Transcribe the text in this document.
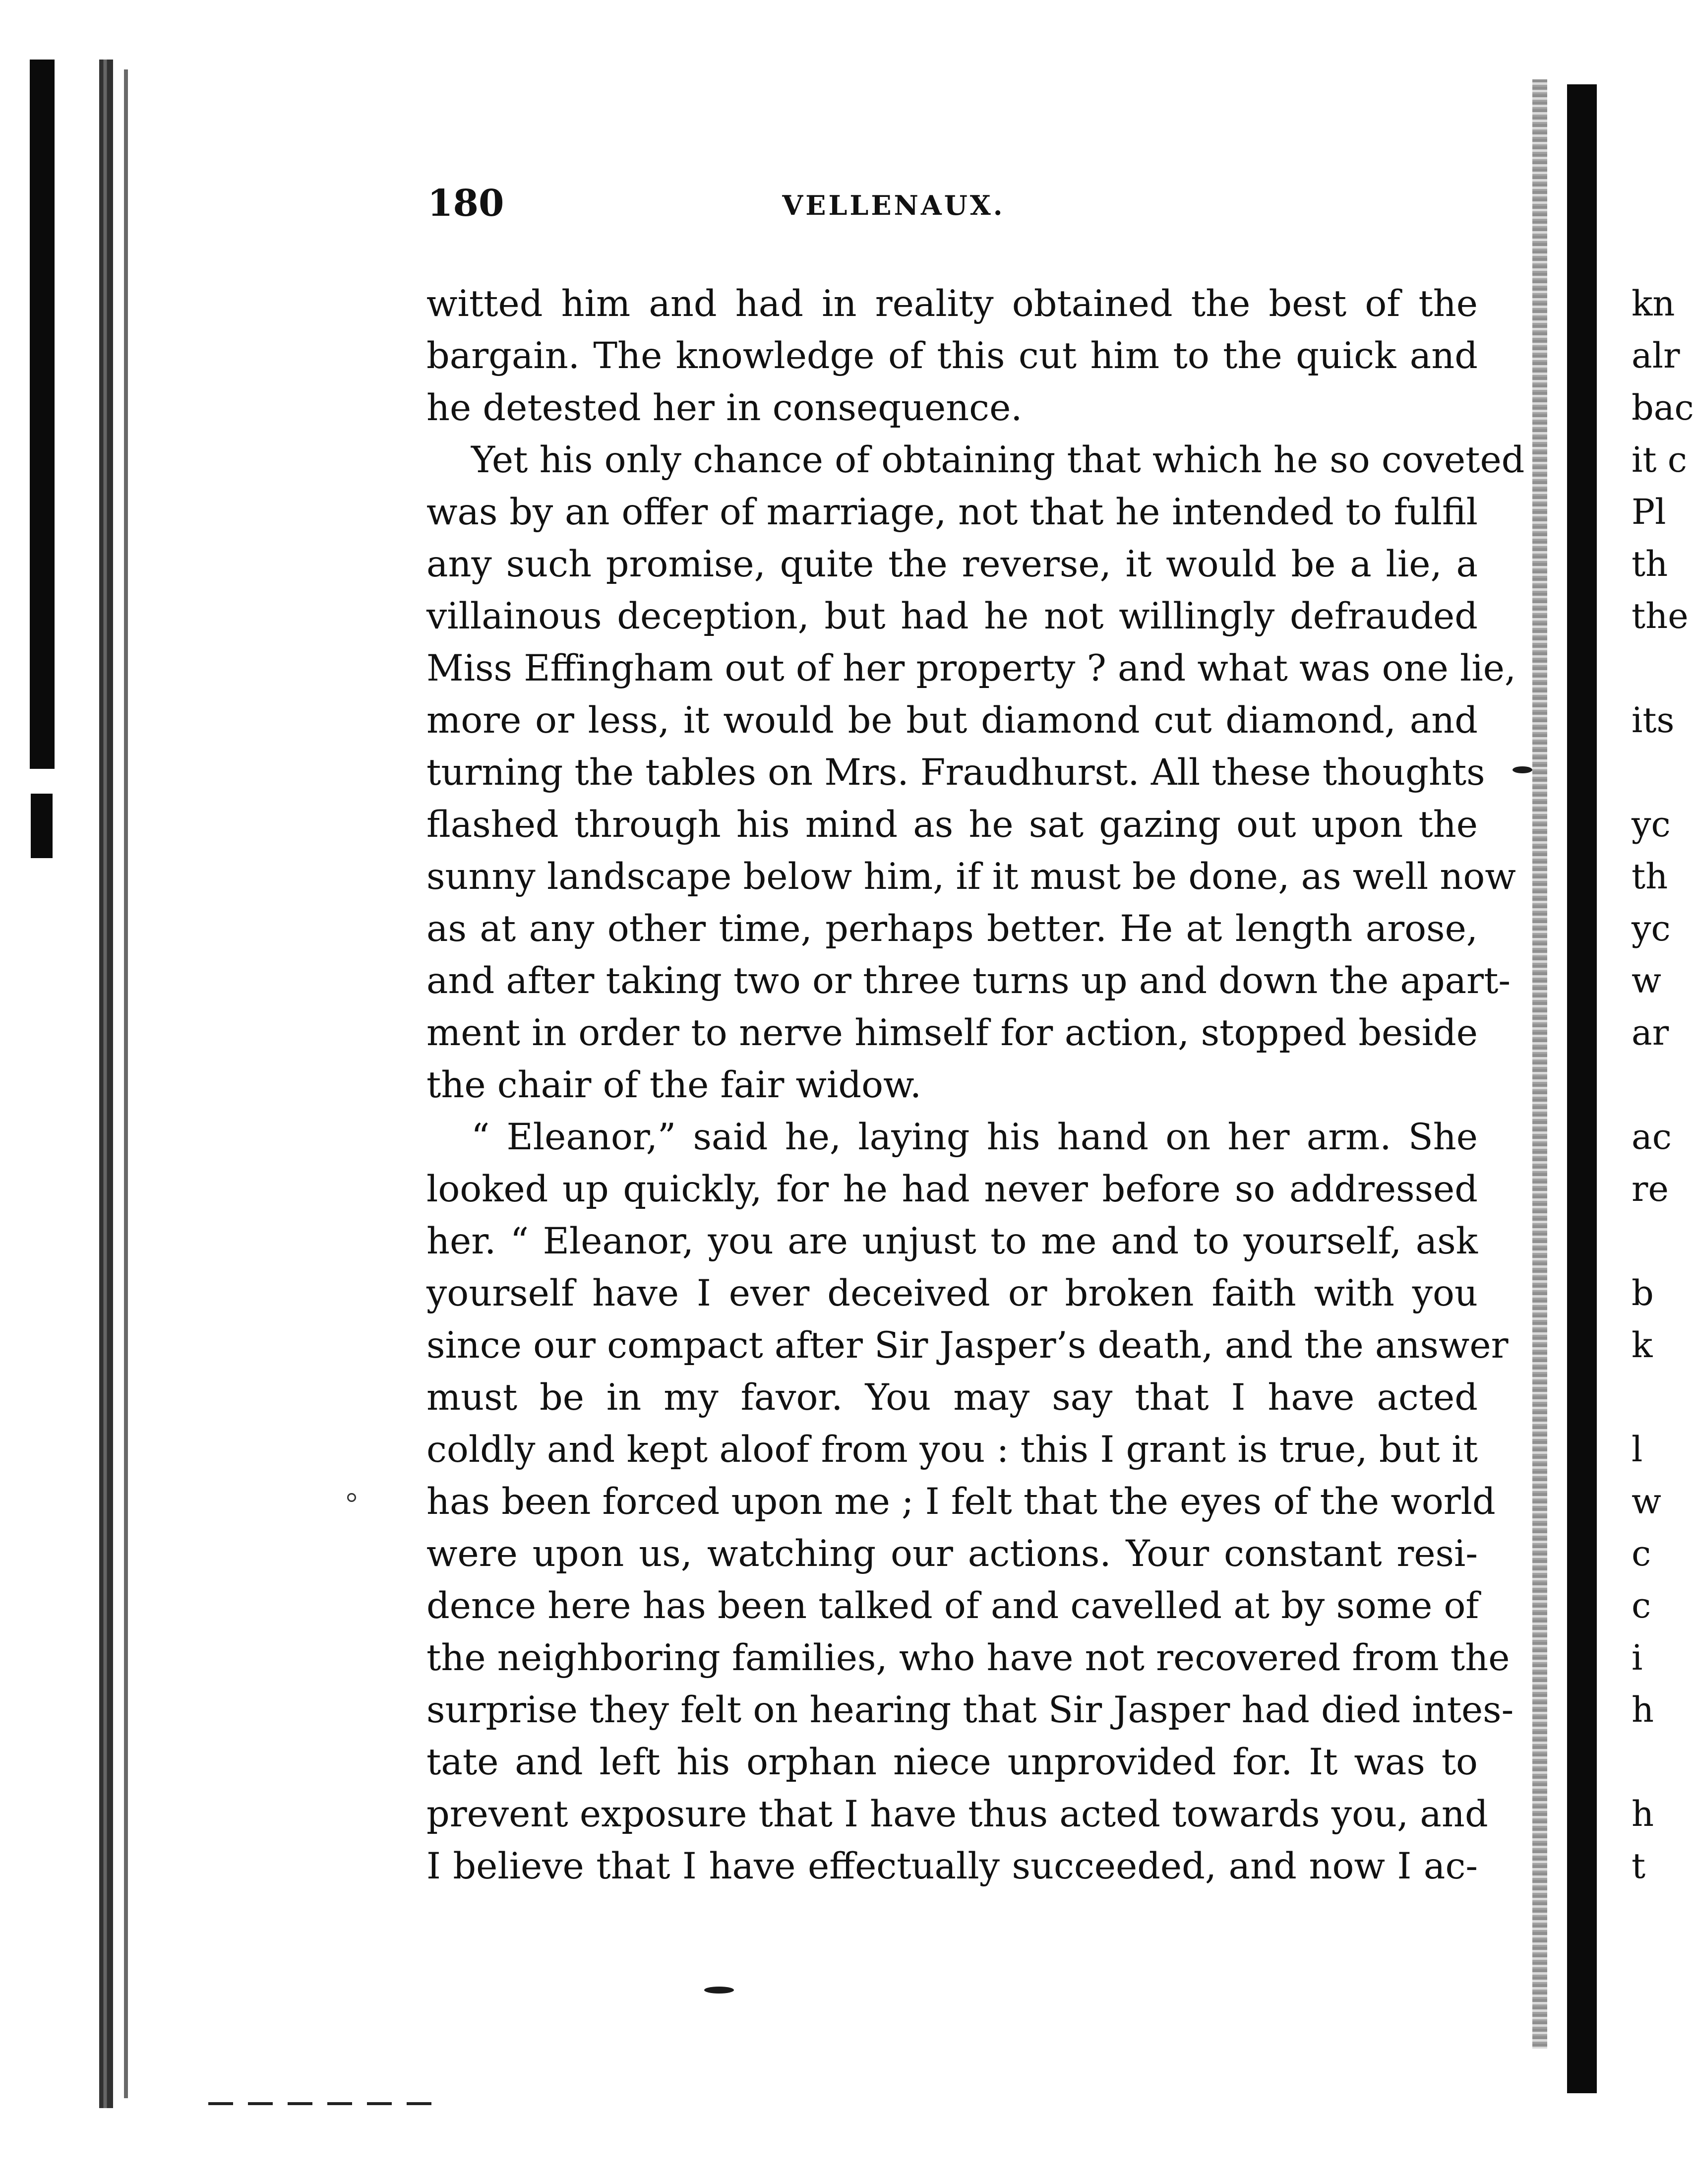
180	VELLENAUX.
witted him and had in reality obtained the best of the
bargain. The knowledge of this cut him to the quick and
he detested her in consequence.
Yet his only chance of obtaining that which he so coveted
was by an offer of marriage, not that he intended to fulfil
any such promise, quite the reverse, it would be a lie, a
villainous deception, but had he not willingly defrauded
Miss Effingham out of her property ? and what was one lie,
more or less, it would be but diamond cut diamond, and
turning the tables on Mrs. Fraudhurst. All these thoughts
flashed through his mind as he sat gazing out upon the
sunny landscape below him, if it must be done, as well now
as at any other time, perhaps better. He at length arose,
and after taking two or three turns up and down the apart-
ment in order to nerve himself for action, stopped beside
the chair of the fair widow.
“ Eleanor,” said he, laying his hand on her arm. She
looked up quickly, for he had never before so addressed
her. “ Eleanor, you are unjust to me and to yourself, ask
yourself have I ever deceived or broken faith with you
since our compact after Sir Jasper’s death, and the answer
must be in my favor. You may say that I have acted
coldly and kept aloof from you : this I grant is true, but it
has been forced upon me ; I felt that the eyes of the world
were upon us, watching our actions. Your constant resi-
dence here has been talked of and cavelled at by some of
the neighboring families, who have not recovered from the
surprise they felt on hearing that Sir Jasper had died intes-
tate and left his orphan niece unprovided for. It was to
prevent exposure that I have thus acted towards you, and
I believe that I have effectually succeeded, and now I ac-
kn
alr
bac
it c
Pl
th
the
its
yc
th
yc
w
ar
ac
re
b
k
l
w
c
c
i
h
h
t
